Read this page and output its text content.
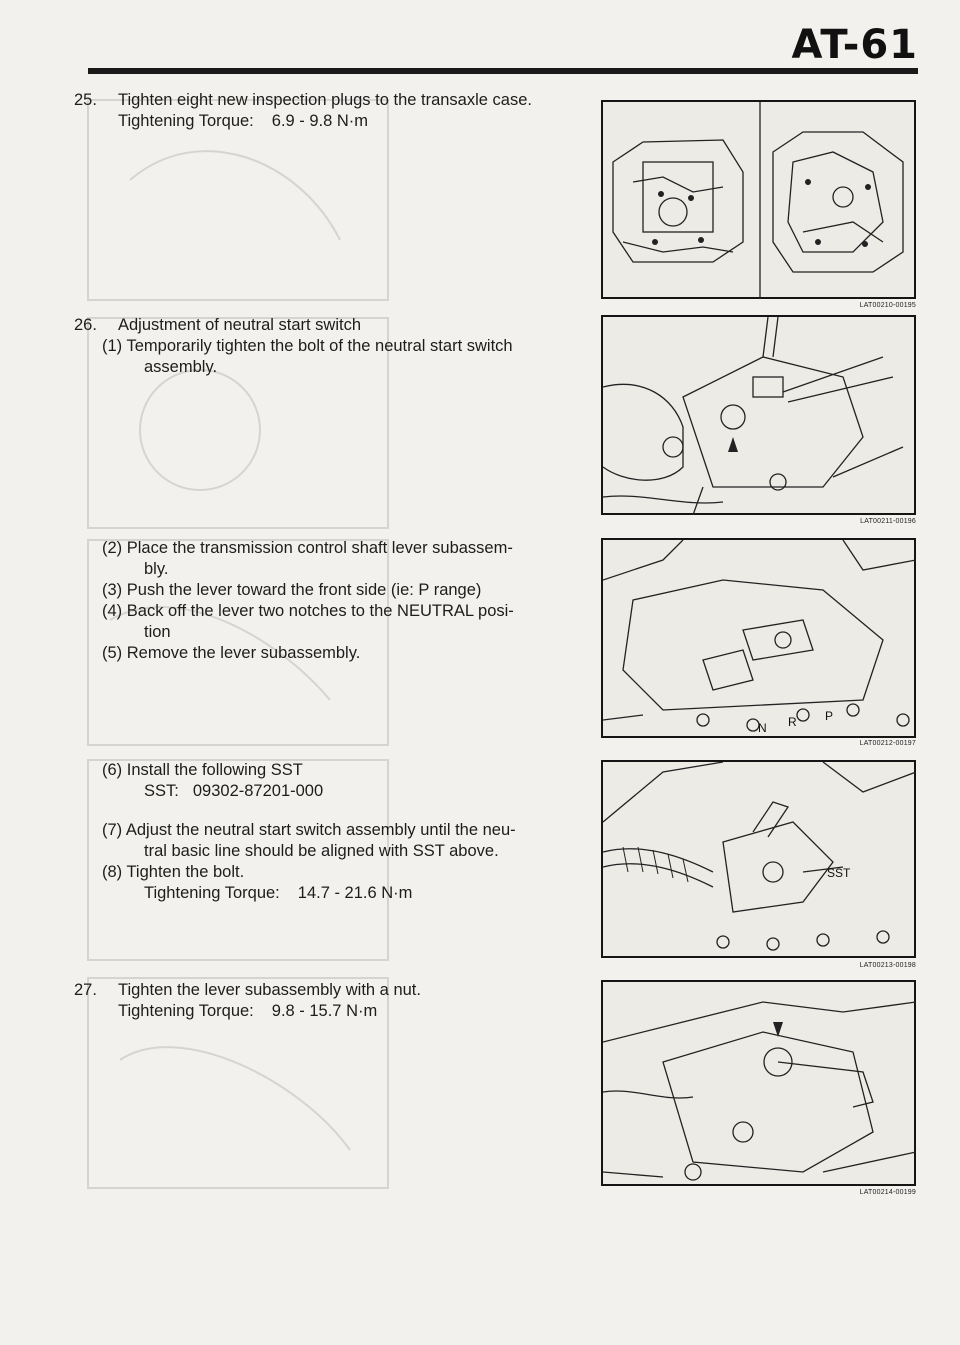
AT-61
25. Tighten eight new inspection plugs to the transaxle case.
Tightening Torque: 6.9 - 9.8 N·m
26. Adjustment of neutral start switch
(1) Temporarily tighten the bolt of the neutral start switch
assembly.
(2) Place the transmission control shaft lever subassem-
bly.
(3) Push the lever toward the front side (ie: P range)
(4) Back off the lever two notches to the NEUTRAL posi-
tion
(5) Remove the lever subassembly.
(6) Install the following SST
SST: 09302-87201-000
(7) Adjust the neutral start switch assembly until the neu-
tral basic line should be aligned with SST above.
(8) Tighten the bolt.
Tightening Torque: 14.7 - 21.6 N·m
27. Tighten the lever subassembly with a nut.
Tightening Torque: 9.8 - 15.7 N·m
LAT00210-00195
LAT00211-00196
N R P
LAT00212-00197
SST
LAT00213-00198
LAT00214-00199
